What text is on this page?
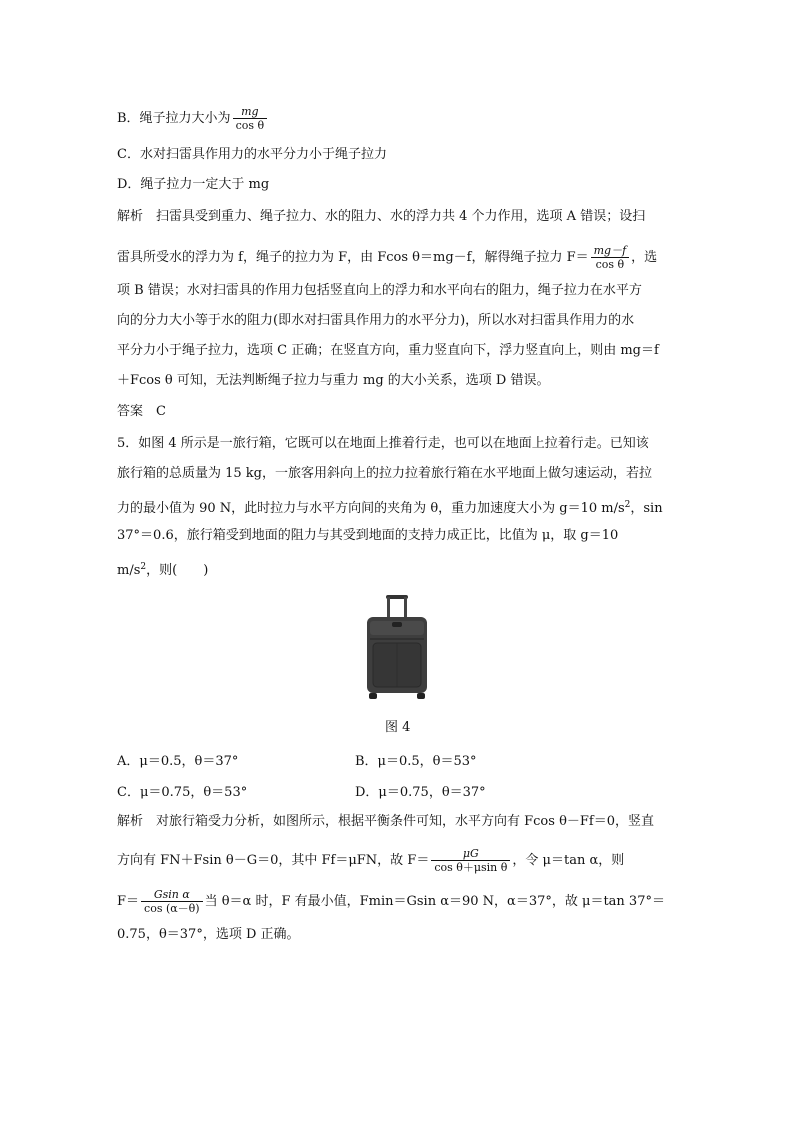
B．绳子拉力大小为 $\frac{mg}{\text{cos θ}}$
C．水对扫雷具作用力的水平分力小于绳子拉力
D．绳子拉力一定大于 mg
解析　扫雷具受到重力、绳子拉力、水的阻力、水的浮力共 4 个力作用，选项 A 错误；设扫
雷具所受水的浮力为 f，绳子的拉力为 F，由 Fcos θ＝mg－f，解得绳子拉力 $F= \frac{mg-f}{\text{cos θ}}$ ，选
项 B 错误；水对扫雷具的作用力包括竖直向上的浮力和水平向右的阻力，绳子拉力在水平方
向的分力大小等于水的阻力(即水对扫雷具作用力的水平分力)，所以水对扫雷具作用力的水
平分力小于绳子拉力，选项 C 正确；在竖直方向，重力竖直向下，浮力竖直向上，则由 mg＝f
＋Fcos θ 可知，无法判断绳子拉力与重力 mg 的大小关系，选项 D 错误。
答案　C
5．如图 4 所示是一旅行箱，它既可以在地面上推着行走，也可以在地面上拉着行走。已知该
旅行箱的总质量为 15 kg，一旅客用斜向上的拉力拉着旅行箱在水平地面上做匀速运动，若拉
力的最小值为 90 N，此时拉力与水平方向间的夹角为 θ，重力加速度大小为 g＝10 $m/s^2$，sin
37°＝0.6，旅行箱受到地面的阻力与其受到地面的支持力成正比，比值为 μ，取 g＝10
$m/s^2$，则(　　)
图 4
A．μ＝0.5，θ＝37°	B．μ＝0.5，θ＝53°
C．μ＝0.75，θ＝53°	D．μ＝0.75，θ＝37°
解析　对旅行箱受力分析，如图所示，根据平衡条件可知，水平方向有 Fcos θ－Ff＝0，竖直
方向有 FN＋Fsin θ－G＝0，其中 Ff＝μFN，故 $F= \frac{\mu G}{\text{cos θ＋μsin θ}}$ ，令 μ＝tan α，则
$F= \frac{\text{Gsin α}}{\cos (\alpha-\theta)}$ 当 θ＝α 时，F 有最小值，Fmin＝Gsin α＝90 N，α＝37°，故 μ＝tan 37°＝
0.75，θ＝37°，选项 D 正确。
